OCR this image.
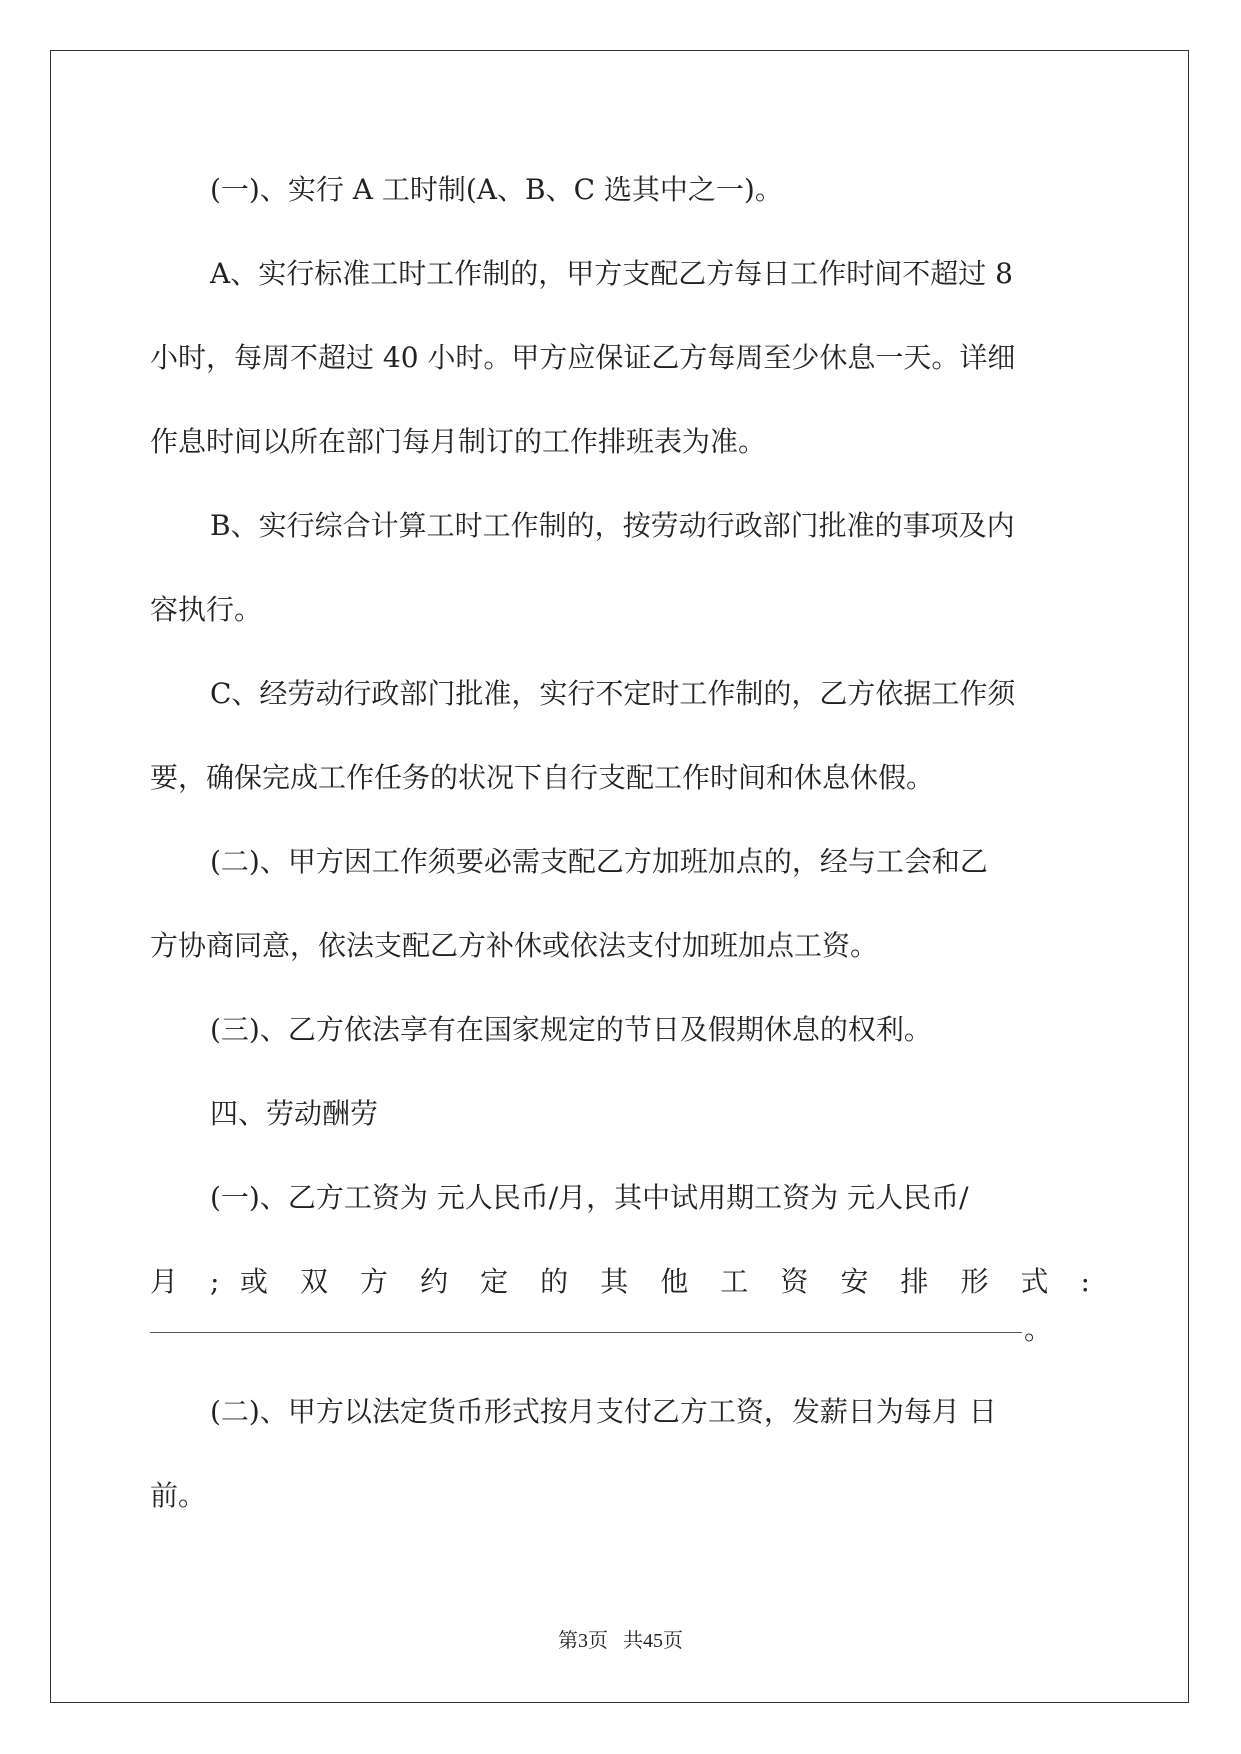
(一)、实行 A 工时制(A、B、C 选其中之一)。
A、实行标准工时工作制的，甲方支配乙方每日工作时间不超过 8
小时，每周不超过 40 小时。甲方应保证乙方每周至少休息一天。详细
作息时间以所在部门每月制订的工作排班表为准。
B、实行综合计算工时工作制的，按劳动行政部门批准的事项及内
容执行。
C、经劳动行政部门批准，实行不定时工作制的，乙方依据工作须
要，确保完成工作任务的状况下自行支配工作时间和休息休假。
(二)、甲方因工作须要必需支配乙方加班加点的，经与工会和乙
方协商同意，依法支配乙方补休或依法支付加班加点工资。
(三)、乙方依法享有在国家规定的节日及假期休息的权利。
四、劳动酬劳
(一)、乙方工资为 元人民币/月，其中试用期工资为 元人民币/
月 ; 或 双 方 约 定 的 其 他 工 资 安 排 形 式 :
。
(二)、甲方以法定货币形式按月支付乙方工资，发薪日为每月 日
前。
第3页 共45页
